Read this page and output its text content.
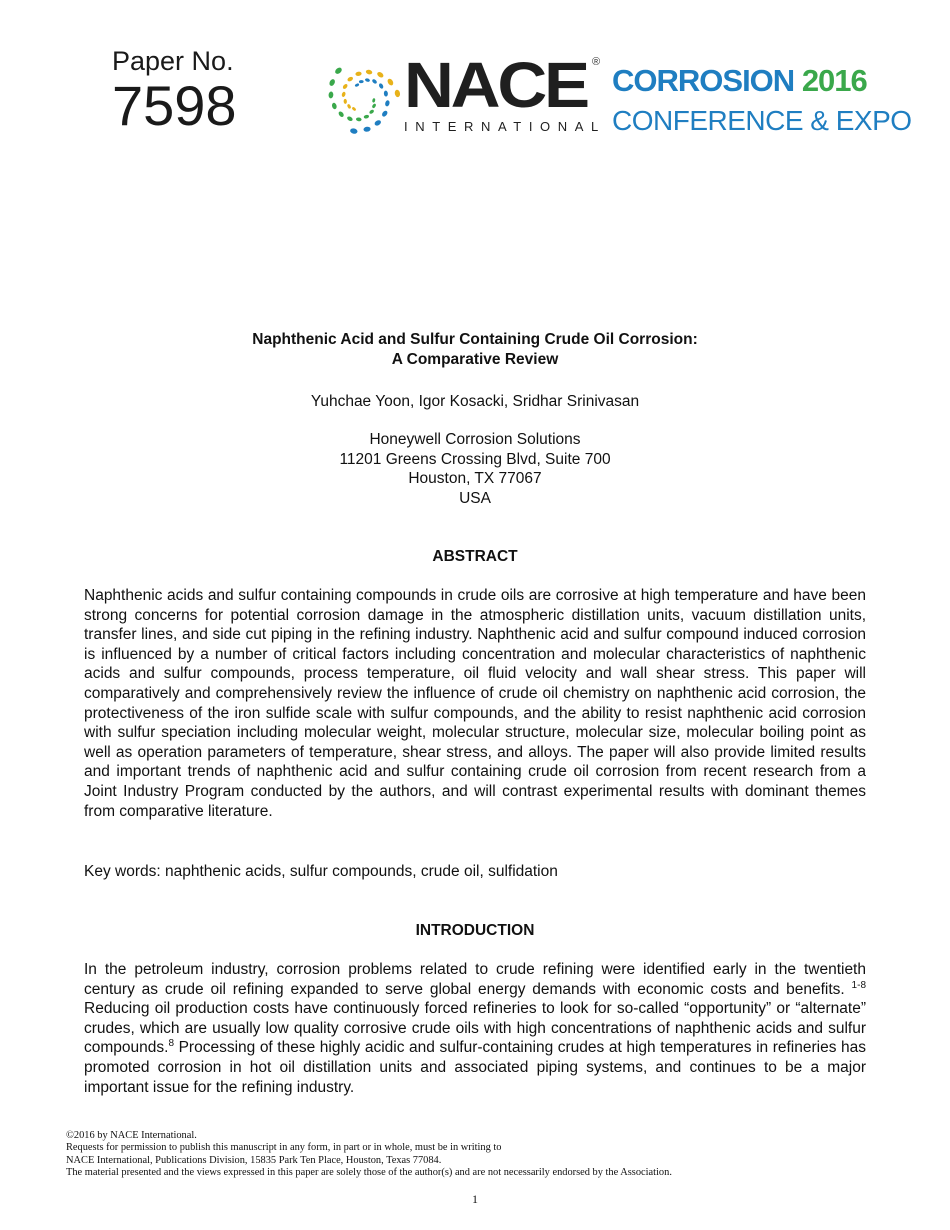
Paper No.
7598	NACE ®
INTERNATIONAL
CORROSION 2016
CONFERENCE & EXPO
Naphthenic Acid and Sulfur Containing Crude Oil Corrosion:
A Comparative Review
Yuhchae Yoon, Igor Kosacki, Sridhar Srinivasan
Honeywell Corrosion Solutions
11201 Greens Crossing Blvd, Suite 700
Houston, TX 77067
USA
ABSTRACT

Naphthenic acids and sulfur containing compounds in crude oils are corrosive at high temperature and have been strong concerns for potential corrosion damage in the atmospheric distillation units, vacuum distillation units, transfer lines, and side cut piping in the refining industry. Naphthenic acid and sulfur compound induced corrosion is influenced by a number of critical factors including concentration and molecular characteristics of naphthenic acids and sulfur compounds, process temperature, oil fluid velocity and wall shear stress. This paper will comparatively and comprehensively review the influence of crude oil chemistry on naphthenic acid corrosion, the protectiveness of the iron sulfide scale with sulfur compounds, and the ability to resist naphthenic acid corrosion with sulfur speciation including molecular weight, molecular structure, molecular size, molecular boiling point as well as operation parameters of temperature, shear stress, and alloys. The paper will also provide limited results and important trends of naphthenic acid and sulfur containing crude oil corrosion from recent research from a Joint Industry Program conducted by the authors, and will contrast experimental results with dominant themes from comparative literature.

Key words: naphthenic acids, sulfur compounds, crude oil, sulfidation

INTRODUCTION

In the petroleum industry, corrosion problems related to crude refining were identified early in the twentieth century as crude oil refining expanded to serve global energy demands with economic costs and benefits. $^{1-8}$ Reducing oil production costs have continuously forced refineries to look for so-called “opportunity” or “alternate” crudes, which are usually low quality corrosive crude oils with high concentrations of naphthenic acids and sulfur compounds.$^8$ Processing of these highly acidic and sulfur-containing crudes at high temperatures in refineries has promoted corrosion in hot oil distillation units and associated piping systems, and continues to be a major important issue for the refining industry.

©2016 by NACE International.
Requests for permission to publish this manuscript in any form, in part or in whole, must be in writing to
NACE International, Publications Division, 15835 Park Ten Place, Houston, Texas 77084.
The material presented and the views expressed in this paper are solely those of the author(s) and are not necessarily endorsed by the Association.
1
